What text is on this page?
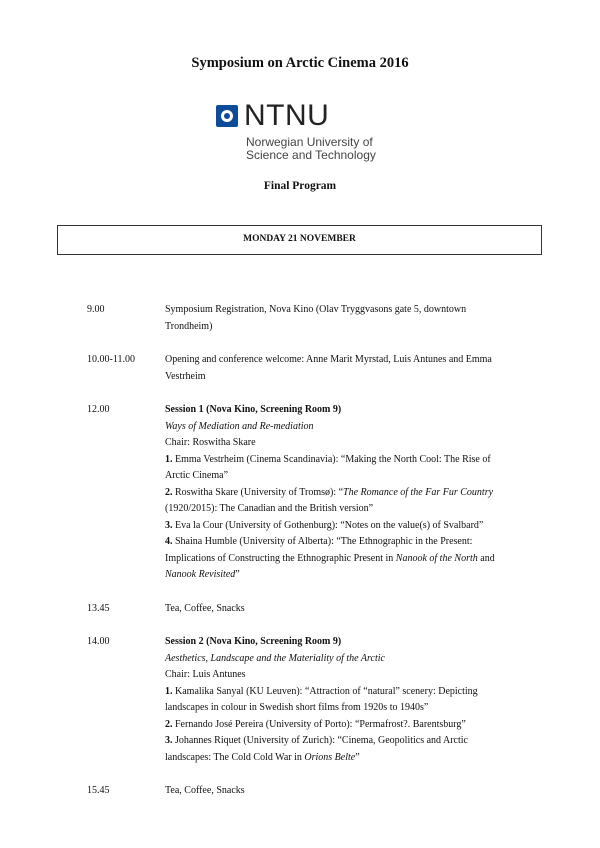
Symposium on Arctic Cinema 2016
NTNU
Norwegian University of
Science and Technology
Final Program
MONDAY 21 NOVEMBER
9.00	Symposium Registration, Nova Kino (Olav Tryggvasons gate 5, downtown
Trondheim)
10.00-11.00	Opening and conference welcome: Anne Marit Myrstad, Luis Antunes and Emma
Vestrheim
12.00	Session 1 (Nova Kino, Screening Room 9)
Ways of Mediation and Re-mediation
Chair: Roswitha Skare
1. Emma Vestrheim (Cinema Scandinavia): “Making the North Cool: The Rise of
Arctic Cinema”
2. Roswitha Skare (University of Tromsø): “The Romance of the Far Fur Country
(1920/2015): The Canadian and the British version”
3. Eva la Cour (University of Gothenburg): “Notes on the value(s) of Svalbard”
4. Shaina Humble (University of Alberta): “The Ethnographic in the Present:
Implications of Constructing the Ethnographic Present in Nanook of the North and
Nanook Revisited”
13.45	Tea, Coffee, Snacks
14.00	Session 2 (Nova Kino, Screening Room 9)
Aesthetics, Landscape and the Materiality of the Arctic
Chair: Luis Antunes
1. Kamalika Sanyal (KU Leuven): “Attraction of “natural” scenery: Depicting
landscapes in colour in Swedish short films from 1920s to 1940s”
2. Fernando José Pereira (University of Porto): “Permafrost?. Barentsburg”
3. Johannes Riquet (University of Zurich): “Cinema, Geopolitics and Arctic
landscapes: The Cold Cold War in Orions Belte”
15.45	Tea, Coffee, Snacks
